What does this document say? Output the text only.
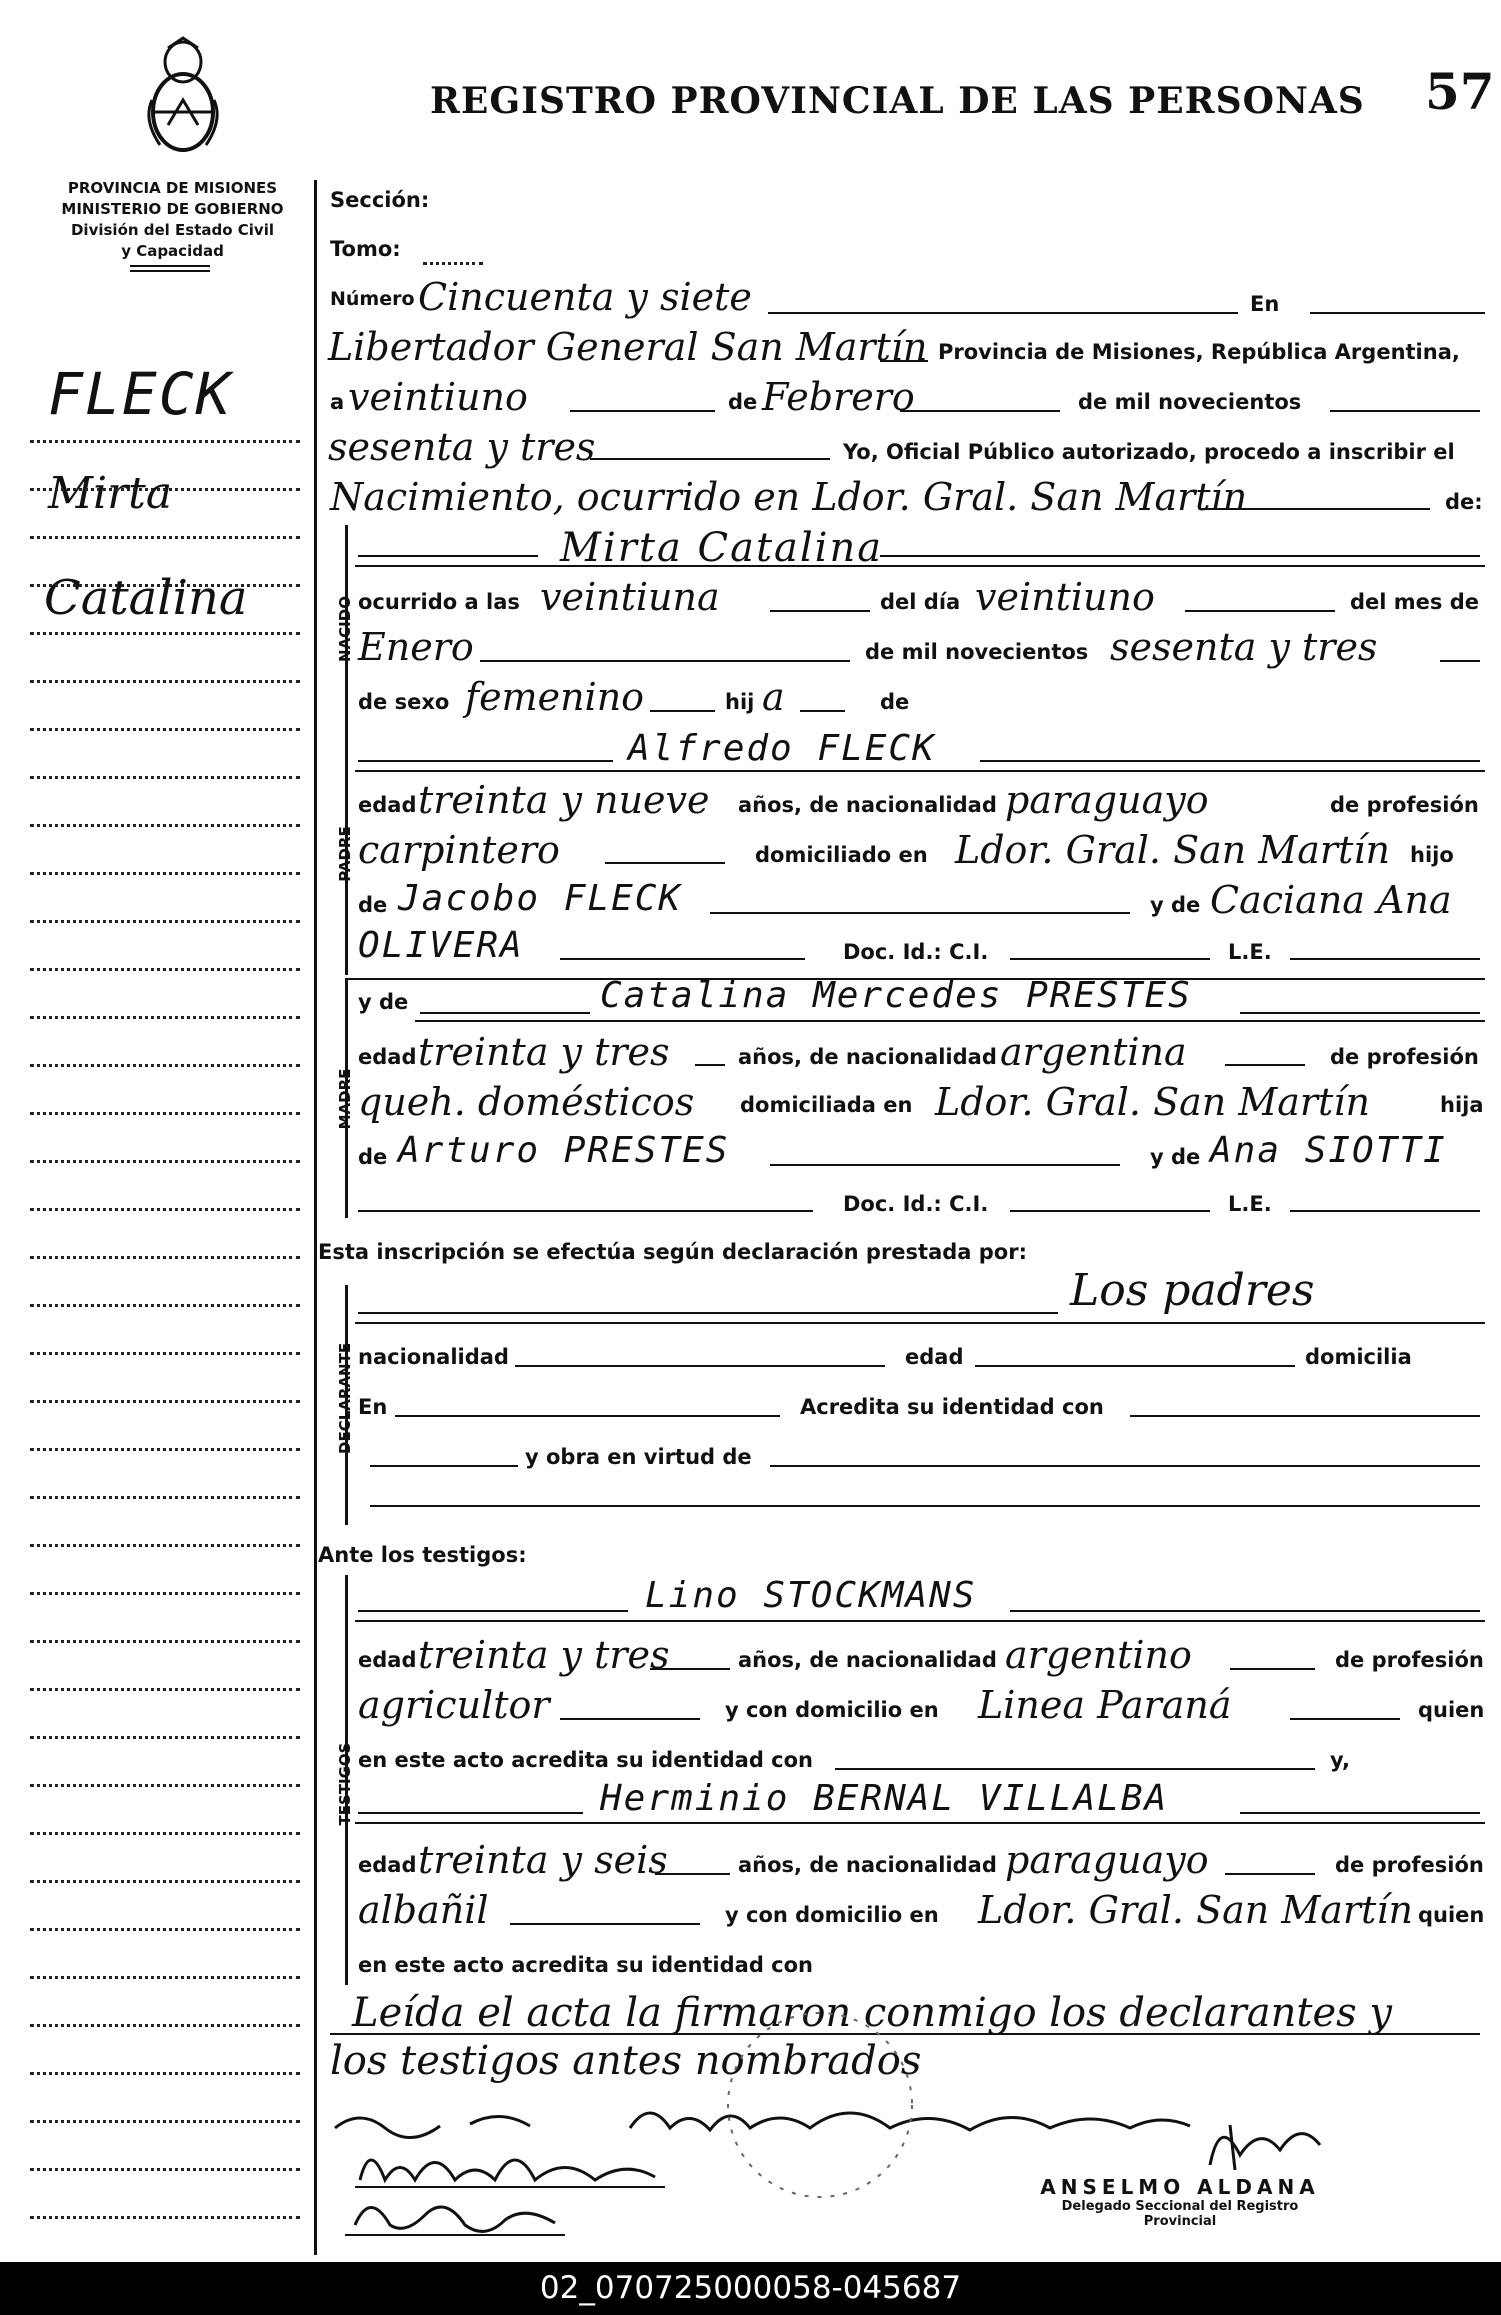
REGISTRO PROVINCIAL DE LAS PERSONAS 57
PROVINCIA DE MISIONES
MINISTERIO DE GOBIERNO
División del Estado Civil
y Capacidad
FLECK
Mirta
Catalina
Sección:
Tomo:
Número Cincuenta y siete	En
Libertador General San Martín Provincia de Misiones, República Argentina,
a veintiuno	de Febrero	de mil novecientos
sesenta y tres	Yo, Oficial Público autorizado, procedo a inscribir el
Nacimiento, ocurrido en Ldor. Gral. San Martín	de:
NACIDO
Mirta Catalina
ocurrido a las veintiuna	del día veintiuno	del mes de
Enero	de mil novecientos sesenta y tres
de sexo femenino	hij a	de
PADRE
Alfredo FLECK
edad treinta y nueve años, de nacionalidad paraguayo	de profesión
carpintero	domiciliado en Ldor. Gral. San Martín hijo
de Jacobo FLECK	y de Caciana Ana
OLIVERA	Doc. Id.: C.I.	L.E.
MADRE
y de	Catalina Mercedes PRESTES
edad treinta y tres	años, de nacionalidad argentina	de profesión
queh. domésticos domiciliada en Ldor. Gral. San Martín	hija
de Arturo PRESTES	y de Ana SIOTTI
Doc. Id.: C.I.	L.E.
Esta inscripción se efectúa según declaración prestada por:
DECLARANTE
Los padres
nacionalidad	edad	domicilia
En	Acredita su identidad con
y obra en virtud de
Ante los testigos:
TESTIGOS
Lino STOCKMANS
edad treinta y tres	años, de nacionalidad argentino	de profesión
agricultor	y con domicilio en Linea Paraná	quien
en este acto acredita su identidad con	y,
Herminio BERNAL VILLALBA
edad treinta y seis	años, de nacionalidad paraguayo	de profesión
albañil	y con domicilio en Ldor. Gral. San Martín quien
en este acto acredita su identidad con
Leída el acta la firmaron conmigo los declarantes y
los testigos antes nombrados
ANSELMO ALDANA
Delegado Seccional del Registro
Provincial
02_070725000058-045687
